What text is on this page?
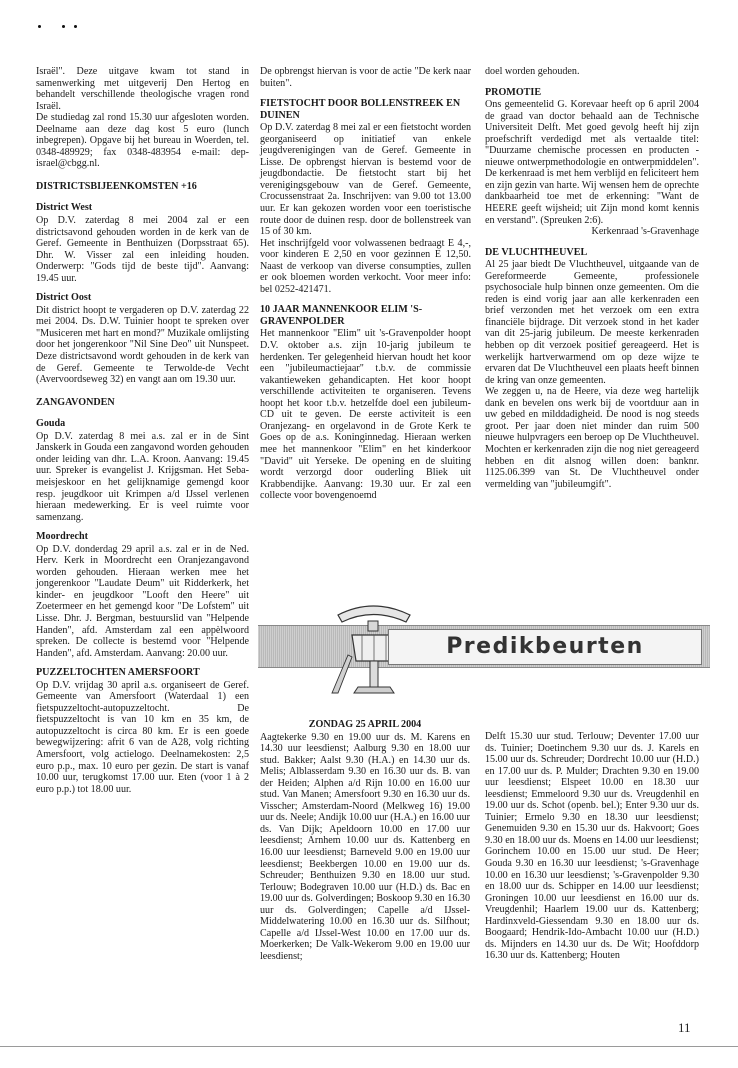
Israël". Deze uitgave kwam tot stand in samenwerking met uitgeverij Den Hertog en behandelt verschillende theologische vragen rond Israël.

De studiedag zal rond 15.30 uur afgesloten worden. Deelname aan deze dag kost 5 euro (lunch inbegrepen). Opgave bij het bureau in Woerden, tel. 0348-489929; fax 0348-483954 e-mail: dep-israel@cbgg.nl.

DISTRICTSBIJEENKOMSTEN +16

District West

Op D.V. zaterdag 8 mei 2004 zal er een districtsavond gehouden worden in de kerk van de Geref. Gemeente in Benthuizen (Dorpsstraat 65). Dhr. W. Visser zal een inleiding houden. Onderwerp: "Gods tijd de beste tijd". Aanvang: 19.45 uur.

District Oost

Dit district hoopt te vergaderen op D.V. zaterdag 22 mei 2004. Ds. D.W. Tuinier hoopt te spreken over "Musiceren met hart en mond?" Muzikale omlijsting door het jongerenkoor "Nil Sine Deo" uit Nunspeet. Deze districtsavond wordt gehouden in de kerk van de Geref. Gemeente te Terwolde-de Vecht (Avervoordseweg 32) en vangt aan om 19.30 uur.

ZANGAVONDEN

Gouda

Op D.V. zaterdag 8 mei a.s. zal er in de Sint Janskerk in Gouda een zangavond worden gehouden onder leiding van dhr. L.A. Kroon. Aanvang: 19.45 uur. Spreker is evangelist J. Krijgsman. Het Seba-meisjeskoor en het gelijknamige gemengd koor resp. jeugdkoor uit Krimpen a/d IJssel verlenen hieraan medewerking. Er is veel ruimte voor samenzang.

Moordrecht

Op D.V. donderdag 29 april a.s. zal er in de Ned. Herv. Kerk in Moordrecht een Oranjezangavond worden gehouden. Hieraan werken mee het jongerenkoor "Laudate Deum" uit Ridderkerk, het kinder- en jeugdkoor "Looft den Heere" uit Zoetermeer en het gemengd koor "De Lofstem" uit Lisse. Dhr. J. Bergman, bestuurslid van "Helpende Handen", afd. Amsterdam zal een appèlwoord spreken. De collecte is bestemd voor "Helpende Handen", afd. Amsterdam. Aanvang: 20.00 uur.

PUZZELTOCHTEN AMERSFOORT

Op D.V. vrijdag 30 april a.s. organiseert de Geref. Gemeente van Amersfoort (Waterdaal 1) een fietspuzzeltocht-autopuzzeltocht. De fietspuzzeltocht is van 10 km en 35 km, de autopuzzeltocht is circa 80 km. Er is een goede bewegwijzering: afrit 6 van de A28, volg richting Amersfoort, volg actielogo. Deelnamekosten: 2,5 euro p.p., max. 10 euro per gezin. De start is vanaf 10.00 uur, terugkomst 17.00 uur. Eten (voor 1 à 2 euro p.p.) tot 18.00 uur.

De opbrengst hiervan is voor de actie "De kerk naar buiten".

FIETSTOCHT DOOR BOLLENSTREEK EN DUINEN

Op D.V. zaterdag 8 mei zal er een fietstocht worden georganiseerd op initiatief van enkele jeugdverenigingen van de Geref. Gemeente in Lisse. De opbrengst hiervan is bestemd voor de jeugdbondactie. De fietstocht start bij het verenigingsgebouw van de Geref. Gemeente, Crocussenstraat 2a. Inschrijven: van 9.00 tot 13.00 uur. Er kan gekozen worden voor een toeristische route door de duinen resp. door de bollenstreek van 15 of 30 km.

Het inschrijfgeld voor volwassenen bedraagt E 4,-, voor kinderen E 2,50 en voor gezinnen E 12,50. Naast de verkoop van diverse consumpties, zullen er ook bloemen worden verkocht. Voor meer info: bel 0252-421471.

10 JAAR MANNENKOOR ELIM 'S-GRAVENPOLDER

Het mannenkoor "Elim" uit 's-Gravenpolder hoopt D.V. oktober a.s. zijn 10-jarig jubileum te herdenken. Ter gelegenheid hiervan houdt het koor een "jubileumactiejaar" t.b.v. de commissie vakantieweken gehandicapten. Het koor hoopt verschillende activiteiten te organiseren. Tevens hoopt het koor t.b.v. hetzelfde doel een jubileum-CD uit te geven. De eerste activiteit is een Oranjezang- en orgelavond in de Grote Kerk te Goes op de a.s. Koninginnedag. Hieraan werken mee het mannenkoor "Elim" en het kinderkoor "David" uit Yerseke. De opening en de sluiting wordt verzorgd door ouderling Bliek uit Krabbendijke. Aanvang: 19.30 uur. Er zal een collecte voor bovengenoemd

doel worden gehouden.

PROMOTIE

Ons gemeentelid G. Korevaar heeft op 6 april 2004 de graad van doctor behaald aan de Technische Universiteit Delft. Met goed gevolg heeft hij zijn proefschrift verdedigd met als vertaalde titel: "Duurzame chemische processen en producten - nieuwe ontwerpmethodologie en ontwerpmiddelen". De kerkenraad is met hem verblijd en feliciteert hem en zijn gezin van harte. Wij wensen hem de oprechte dankbaarheid toe met de erkenning: "Want de HEERE geeft wijsheid; uit Zijn mond komt kennis en verstand". (Spreuken 2:6).

Kerkenraad 's-Gravenhage

DE VLUCHTHEUVEL

Al 25 jaar biedt De Vluchtheuvel, uitgaande van de Gereformeerde Gemeente, professionele psychosociale hulp binnen onze gemeenten. Om die reden is eind vorig jaar aan alle kerkenraden een brief verzonden met het verzoek om een extra financiële bijdrage. Dit verzoek stond in het kader van dit 25-jarig jubileum. De meeste kerkenraden hebben op dit verzoek positief gereageerd. Het is werkelijk hartverwarmend om op deze wijze te ervaren dat De Vluchtheuvel een plaats heeft binnen de kring van onze gemeenten.

We zeggen u, na de Heere, via deze weg hartelijk dank en bevelen ons werk bij de voortduur aan in uw gebed en milddadigheid. De nood is nog steeds groot. Per jaar doen niet minder dan ruim 500 nieuwe hulpvragers een beroep op De Vluchtheuvel. Mochten er kerkenraden zijn die nog niet gereageerd hebben en dit alsnog willen doen: banknr. 1125.06.399 van St. De Vluchtheuvel onder vermelding van "jubileumgift".

Predikbeurten

ZONDAG 25 APRIL 2004

Aagtekerke 9.30 en 19.00 uur ds. M. Karens en 14.30 uur leesdienst; Aalburg 9.30 en 18.00 uur stud. Bakker; Aalst 9.30 (H.A.) en 14.30 uur ds. Melis; Alblasserdam 9.30 en 16.30 uur ds. B. van der Heiden; Alphen a/d Rijn 10.00 en 16.00 uur stud. Van Manen; Amersfoort 9.30 en 16.30 uur ds. Visscher; Amsterdam-Noord (Melkweg 16) 19.00 uur ds. Neele; Andijk 10.00 uur (H.A.) en 16.00 uur ds. Van Dijk; Apeldoorn 10.00 en 17.00 uur leesdienst; Arnhem 10.00 uur ds. Kattenberg en 16.00 uur leesdienst; Barneveld 9.00 en 19.00 uur leesdienst; Beekbergen 10.00 en 19.00 uur ds. Schreuder; Benthuizen 9.30 en 18.00 uur stud. Terlouw; Bodegraven 10.00 uur (H.D.) ds. Bac en 19.00 uur ds. Golverdingen; Boskoop 9.30 en 16.30 uur ds. Golverdingen; Capelle a/d IJssel-Middelwatering 10.00 en 16.30 uur ds. Silfhout; Capelle a/d IJssel-West 10.00 en 17.00 uur ds. Moerkerken; De Valk-Wekerom 9.00 en 19.00 uur leesdienst;

Delft 15.30 uur stud. Terlouw; Deventer 17.00 uur ds. Tuinier; Doetinchem 9.30 uur ds. J. Karels en 15.00 uur ds. Schreuder; Dordrecht 10.00 uur (H.D.) en 17.00 uur ds. P. Mulder; Drachten 9.30 en 19.00 uur leesdienst; Elspeet 10.00 en 18.30 uur leesdienst; Emmeloord 9.30 uur ds. Vreugdenhil en 19.00 uur ds. Schot (openb. bel.); Enter 9.30 uur ds. Tuinier; Ermelo 9.30 en 18.30 uur leesdienst; Genemuiden 9.30 en 15.30 uur ds. Hakvoort; Goes 9.30 en 18.00 uur ds. Moens en 14.00 uur leesdienst; Gorinchem 10.00 en 15.00 uur stud. De Heer; Gouda 9.30 en 16.30 uur leesdienst; 's-Gravenhage 10.00 en 16.30 uur leesdienst; 's-Gravenpolder 9.30 en 18.00 uur ds. Schipper en 14.00 uur leesdienst; Groningen 10.00 uur leesdienst en 16.00 uur ds. Vreugdenhil; Haarlem 19.00 uur ds. Kattenberg; Hardinxveld-Giessendam 9.30 en 18.00 uur ds. Boogaard; Hendrik-Ido-Ambacht 10.00 uur (H.D.) ds. Mijnders en 14.30 uur ds. De Wit; Hoofddorp 16.30 uur ds. Kattenberg; Houten

11
